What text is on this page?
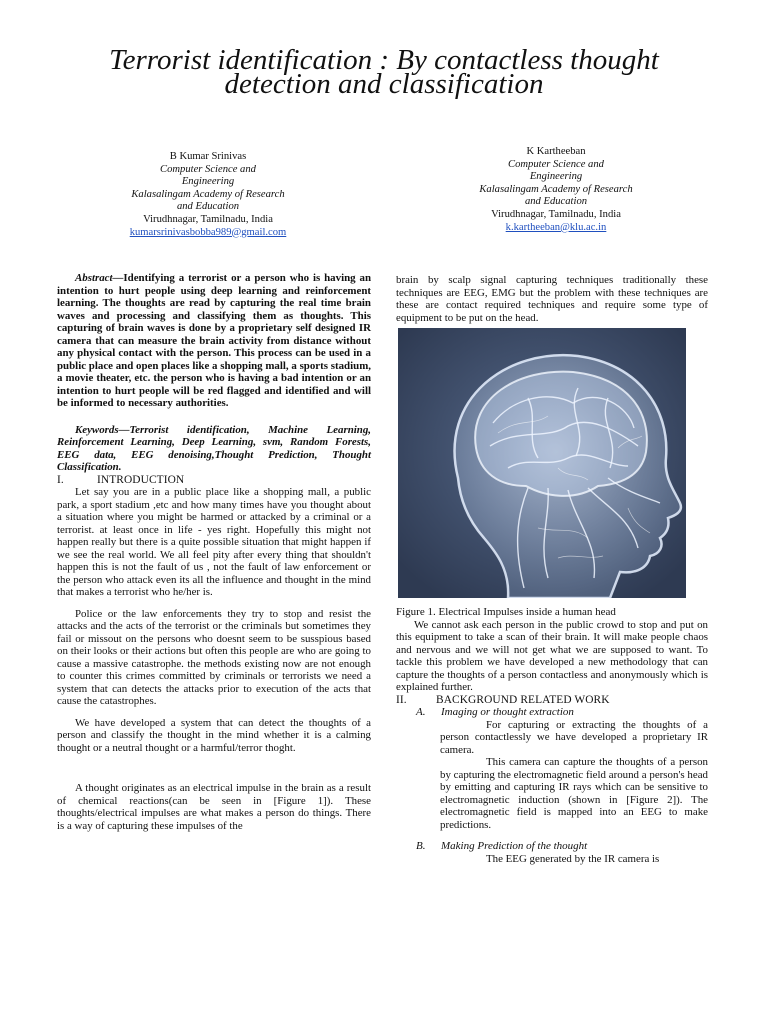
Terrorist identification : By contactless thought
detection and classification
B Kumar Srinivas
Computer Science and
Engineering
Kalasalingam Academy of Research
and Education
Virudhnagar, Tamilnadu, India
kumarsrinivasbobba989@gmail.com
K Kartheeban
Computer Science and
Engineering
Kalasalingam Academy of Research
and Education
Virudhnagar, Tamilnadu, India
k.kartheeban@klu.ac.in

Abstract—Identifying a terrorist or a person who is having an intention to hurt people using deep learning and reinforcement learning. The thoughts are read by capturing the real time brain waves and processing and classifying them as thoughts. This capturing of brain waves is done by a proprietary self designed IR camera that can measure the brain activity from distance without any physical contact with the person. This process can be used in a public place and open places like a shopping mall, a sports stadium, a movie theater, etc. the person who is having a bad intention or an intention to hurt people will be red flagged and identified and will be informed to necessary authorities.

Keywords—Terrorist identification, Machine Learning, Reinforcement Learning, Deep Learning, svm, Random Forests, EEG data, EEG denoising,Thought Prediction, Thought Classification.

I.	INTRODUCTION

Let say you are in a public place like a shopping mall, a public park, a sport stadium ,etc and how many times have you thought about a situation where you might be harmed or attacked by a criminal or a terrorist. at least once in life - yes right. Hopefully this might not happen really but there is a quite possible situation that might happen if we see the real world. We all feel pity after every thing that shouldn't happen this is not the fault of us , not the fault of law enforcement or the person who attack even its all the influence and thought in the mind that makes a terrorist who he/her is.

Police or the law enforcements they try to stop and resist the attacks and the acts of the terrorist or the criminals but sometimes they fail or missout on the persons who doesnt seem to be susspious based on their looks or their actions but often this people are who are going to cause a massive catastrophe. the methods existing now are not enough to counter this crimes committed by criminals or terrorists we need a system that can detects the attacks prior to execution of the acts that cause the catastrophes.

We have developed a system that can detect the thoughts of a person and classify the thought in the mind whether it is a calming thought or a neutral thought or a harmful/terror thoght.

A thought originates as an electrical impulse in the brain as a result of chemical reactions(can be seen in [Figure 1]). These thoughts/electrical impulses are what makes a person do things. There is a way of capturing these impulses of the

brain by scalp signal capturing techniques traditionally these techniques are EEG, EMG but the problem with these techniques are these are contact required techniques and require some type of equipment to be put on the head.

Figure 1. Electrical Impulses inside a human head

We cannot ask each person in the public crowd to stop and put on this equipment to take a scan of their brain. It will make people chaos and nervous and we will not get what we are supposed to want. To tackle this problem we have developed a new methodology that can capture the thoughts of a person contactless and anonymously which is explained further.

II.	BACKGROUND RELATED WORK

A. Imaging or thought extraction

For capturing or extracting the thoughts of a person contactlessly we have developed a proprietary IR camera.

This camera can capture the thoughts of a person by capturing the electromagnetic field around a person's head by emitting and capturing IR rays which can be sensitive to electromagnetic induction (shown in [Figure 2]). The electromagnetic field is mapped into an EEG to make predictions.

B. Making Prediction of the thought

The EEG generated by the IR camera is
